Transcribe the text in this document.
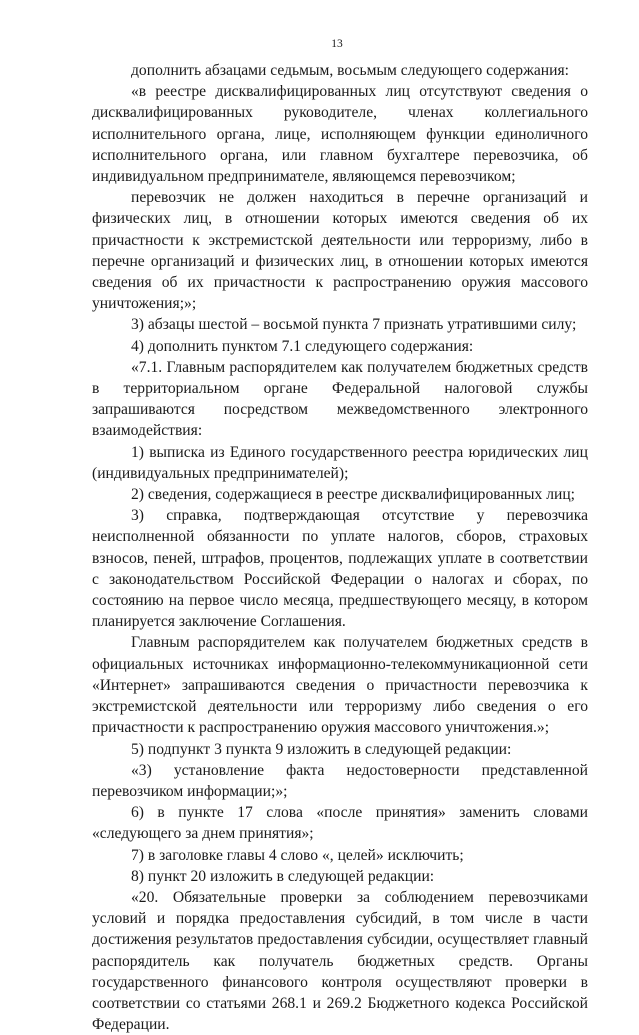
13

дополнить абзацами седьмым, восьмым следующего содержания:

«в реестре дисквалифицированных лиц отсутствуют сведения о дисквалифицированных руководителе, членах коллегиального исполнительного органа, лице, исполняющем функции единоличного исполнительного органа, или главном бухгалтере перевозчика, об индивидуальном предпринимателе, являющемся перевозчиком;

перевозчик не должен находиться в перечне организаций и физических лиц, в отношении которых имеются сведения об их причастности к экстремистской деятельности или терроризму, либо в перечне организаций и физических лиц, в отношении которых имеются сведения об их причастности к распространению оружия массового уничтожения;»;

3) абзацы шестой – восьмой пункта 7 признать утратившими силу;

4) дополнить пунктом 7.1 следующего содержания:

«7.1. Главным распорядителем как получателем бюджетных средств в территориальном органе Федеральной налоговой службы запрашиваются посредством межведомственного электронного взаимодействия:

1) выписка из Единого государственного реестра юридических лиц (индивидуальных предпринимателей);

2) сведения, содержащиеся в реестре дисквалифицированных лиц;

3) справка, подтверждающая отсутствие у перевозчика неисполненной обязанности по уплате налогов, сборов, страховых взносов, пеней, штрафов, процентов, подлежащих уплате в соответствии с законодательством Российской Федерации о налогах и сборах, по состоянию на первое число месяца, предшествующего месяцу, в котором планируется заключение Соглашения.

Главным распорядителем как получателем бюджетных средств в официальных источниках информационно-телекоммуникационной сети «Интернет» запрашиваются сведения о причастности перевозчика к экстремистской деятельности или терроризму либо сведения о его причастности к распространению оружия массового уничтожения.»;

5) подпункт 3 пункта 9 изложить в следующей редакции:

«3) установление факта недостоверности представленной перевозчиком информации;»;

6) в пункте 17 слова «после принятия» заменить словами «следующего за днем принятия»;

7) в заголовке главы 4 слово «, целей» исключить;

8) пункт 20 изложить в следующей редакции:

«20. Обязательные проверки за соблюдением перевозчиками условий и порядка предоставления субсидий, в том числе в части достижения результатов предоставления субсидии, осуществляет главный распорядитель как получатель бюджетных средств. Органы государственного финансового контроля осуществляют проверки в соответствии со статьями 268.1 и 269.2 Бюджетного кодекса Российской Федерации.
